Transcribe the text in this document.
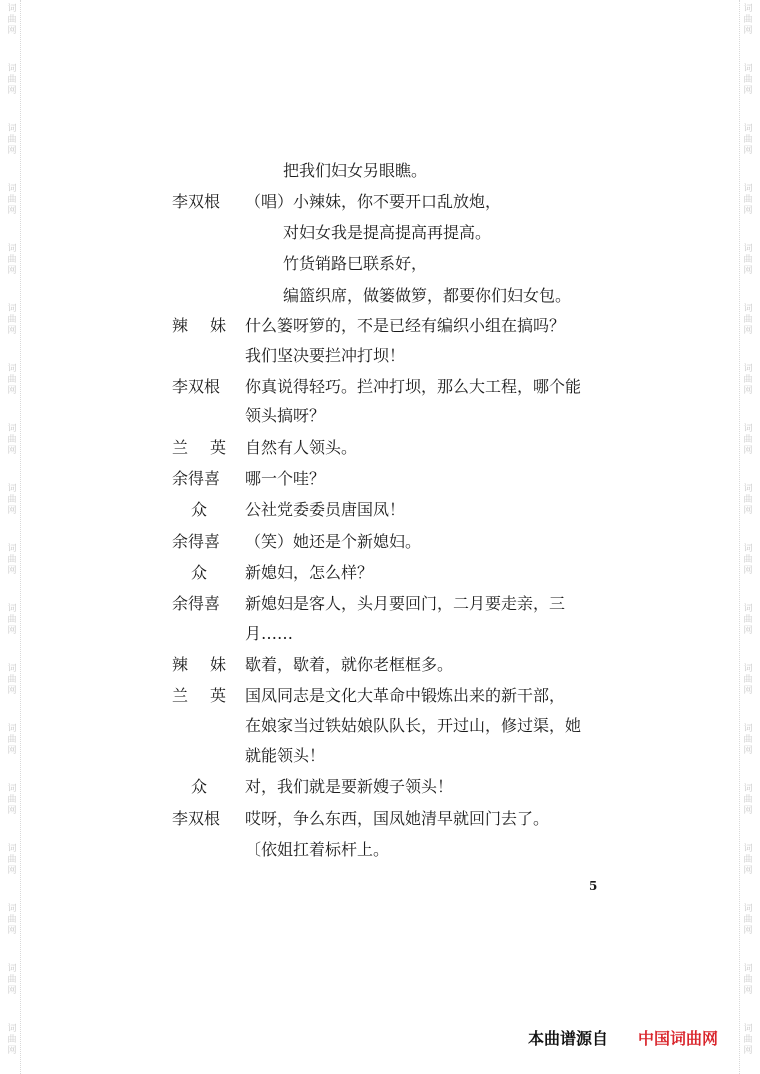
词
曲
网
词
曲
网
词
曲
网
词
曲
网
词
曲
网
词
曲
网
词
曲
网
词
曲
网
词
曲
网
词
曲
网
词
曲
网
词
曲
网
词
曲
网
词
曲
网
词
曲
网
词
曲
网
词
曲
网
词
曲
网
词
曲
网
词
曲
网
词
曲
网
词
曲
网
词
曲
网
词
曲
网
词
曲
网
词
曲
网
词
曲
网
词
曲
网
词
曲
网
词
曲
网
词
曲
网
词
曲
网
词
曲
网
词
曲
网
词
曲
网
词
曲
网
把我们妇女另眼瞧。
李双根	（唱）小辣妹，你不要开口乱放炮，
对妇女我是提高提高再提高。
竹货销路巳联系好，
编篮织席，做篓做箩，都要你们妇女包。
辣 妹 什么篓呀箩的，不是已经有编织小组在搞吗？
我们坚决要拦冲打坝！
李双根	你真说得轻巧。拦冲打坝，那么大工程，哪个能
领头搞呀？
兰 英 自然有人领头。
余得喜	哪一个哇？
众	公社党委委员唐国凤！
余得喜	（笑）她还是个新媳妇。
众	新媳妇，怎么样？
余得喜	新媳妇是客人，头月要回门，二月要走亲，三
月……
辣 妹 歇着，歇着，就你老框框多。
兰 英 国凤同志是文化大革命中锻炼出来的新干部，
在娘家当过铁姑娘队队长，开过山，修过渠，她
就能领头！
众	对，我们就是要新嫂子领头！
李双根	哎呀，争么东西，国凤她清早就回门去了。
〔依姐扛着标杆上。
5
本曲谱源自 中国词曲网
